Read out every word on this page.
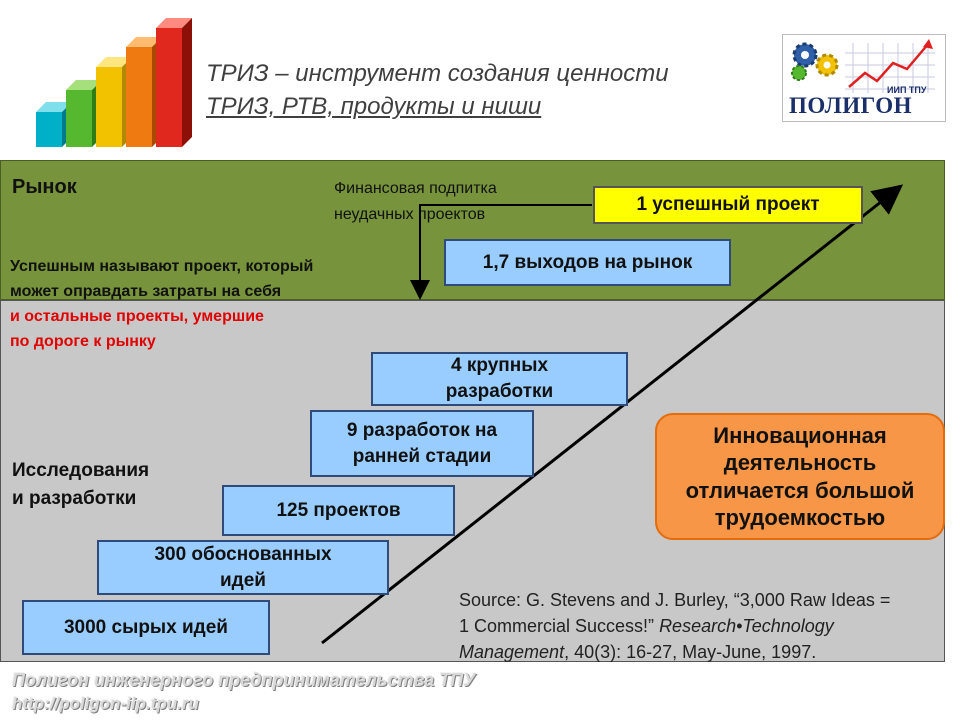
ТРИЗ – инструмент создания ценности
ТРИЗ, РТВ, продукты и ниши
ИИП ТПУ
ПОЛИГОН
Рынок	Финансовая подпитка
неудачных проектов
Успешным называют проект, который
может оправдать затраты на себя
и остальные проекты, умершие
по дороге к рынку
Исследования
и разработки
1 успешный проект
1,7 выходов на рынок
4 крупных
разработки
9 разработок на
ранней стадии
125 проектов
300 обоснованных
идей
3000 сырых идей
Инновационная
деятельность
отличается большой
трудоемкостью
Source: G. Stevens and J. Burley, “3,000 Raw Ideas =
1 Commercial Success!” Research•Technology
Management, 40(3): 16-27, May-June, 1997.
Полигон инженерного предпринимательства ТПУ
http://poligon-iip.tpu.ru
